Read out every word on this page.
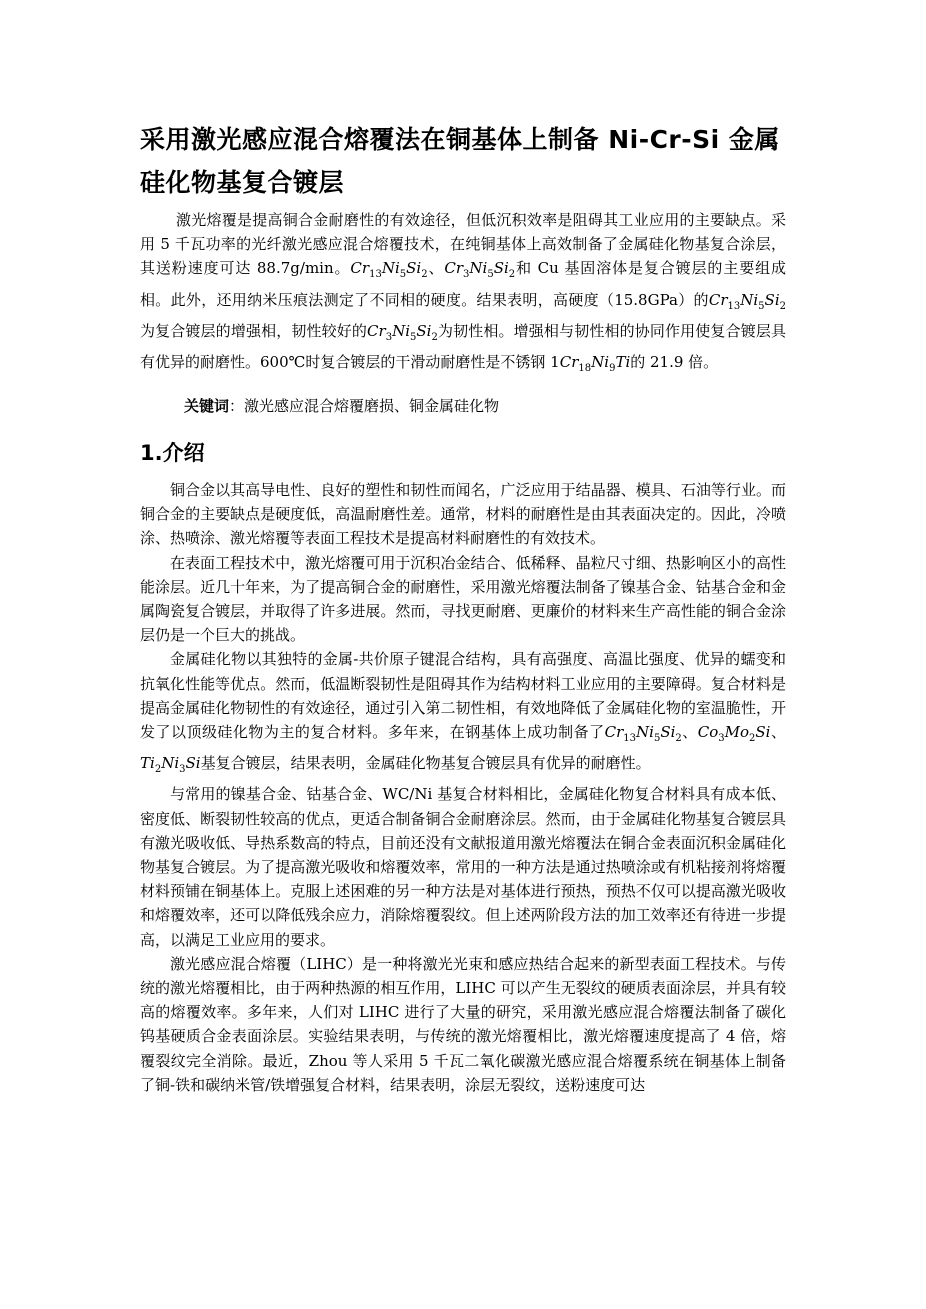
采用激光感应混合熔覆法在铜基体上制备 Ni-Cr-Si 金属硅化物基复合镀层

激光熔覆是提高铜合金耐磨性的有效途径，但低沉积效率是阻碍其工业应用的主要缺点。采用 5 千瓦功率的光纤激光感应混合熔覆技术，在纯铜基体上高效制备了金属硅化物基复合涂层，其送粉速度可达 88.7g/min。$Cr_{13}Ni_5Si_2$、$Cr_3Ni_5Si_2$和 Cu 基固溶体是复合镀层的主要组成相。此外，还用纳米压痕法测定了不同相的硬度。结果表明，高硬度（15.8GPa）的$Cr_{13}Ni_5Si_2$为复合镀层的增强相，韧性较好的$Cr_3Ni_5Si_2$为韧性相。增强相与韧性相的协同作用使复合镀层具有优异的耐磨性。600℃时复合镀层的干滑动耐磨性是不锈钢 $1Cr_{18}Ni_9Ti$的 21.9 倍。

关键词：激光感应混合熔覆磨损、铜金属硅化物
1.介绍

铜合金以其高导电性、良好的塑性和韧性而闻名，广泛应用于结晶器、模具、石油等行业。而铜合金的主要缺点是硬度低，高温耐磨性差。通常，材料的耐磨性是由其表面决定的。因此，冷喷涂、热喷涂、激光熔覆等表面工程技术是提高材料耐磨性的有效技术。

在表面工程技术中，激光熔覆可用于沉积冶金结合、低稀释、晶粒尺寸细、热影响区小的高性能涂层。近几十年来，为了提高铜合金的耐磨性，采用激光熔覆法制备了镍基合金、钴基合金和金属陶瓷复合镀层，并取得了许多进展。然而，寻找更耐磨、更廉价的材料来生产高性能的铜合金涂层仍是一个巨大的挑战。

金属硅化物以其独特的金属-共价原子键混合结构，具有高强度、高温比强度、优异的蠕变和抗氧化性能等优点。然而，低温断裂韧性是阻碍其作为结构材料工业应用的主要障碍。复合材料是提高金属硅化物韧性的有效途径，通过引入第二韧性相，有效地降低了金属硅化物的室温脆性，开发了以顶级硅化物为主的复合材料。多年来，在钢基体上成功制备了$Cr_{13}Ni_5Si_2$、$Co_3Mo_2Si$、$Ti_2Ni_3Si$基复合镀层，结果表明，金属硅化物基复合镀层具有优异的耐磨性。

与常用的镍基合金、钴基合金、WC/Ni 基复合材料相比，金属硅化物复合材料具有成本低、密度低、断裂韧性较高的优点，更适合制备铜合金耐磨涂层。然而，由于金属硅化物基复合镀层具有激光吸收低、导热系数高的特点，目前还没有文献报道用激光熔覆法在铜合金表面沉积金属硅化物基复合镀层。为了提高激光吸收和熔覆效率，常用的一种方法是通过热喷涂或有机粘接剂将熔覆材料预铺在铜基体上。克服上述困难的另一种方法是对基体进行预热，预热不仅可以提高激光吸收和熔覆效率，还可以降低残余应力，消除熔覆裂纹。但上述两阶段方法的加工效率还有待进一步提高，以满足工业应用的要求。

激光感应混合熔覆（LIHC）是一种将激光光束和感应热结合起来的新型表面工程技术。与传统的激光熔覆相比，由于两种热源的相互作用，LIHC 可以产生无裂纹的硬质表面涂层，并具有较高的熔覆效率。多年来，人们对 LIHC 进行了大量的研究，采用激光感应混合熔覆法制备了碳化钨基硬质合金表面涂层。实验结果表明，与传统的激光熔覆相比，激光熔覆速度提高了 4 倍，熔覆裂纹完全消除。最近，Zhou 等人采用 5 千瓦二氧化碳激光感应混合熔覆系统在铜基体上制备了铜-铁和碳纳米管/铁增强复合材料，结果表明，涂层无裂纹，送粉速度可达
